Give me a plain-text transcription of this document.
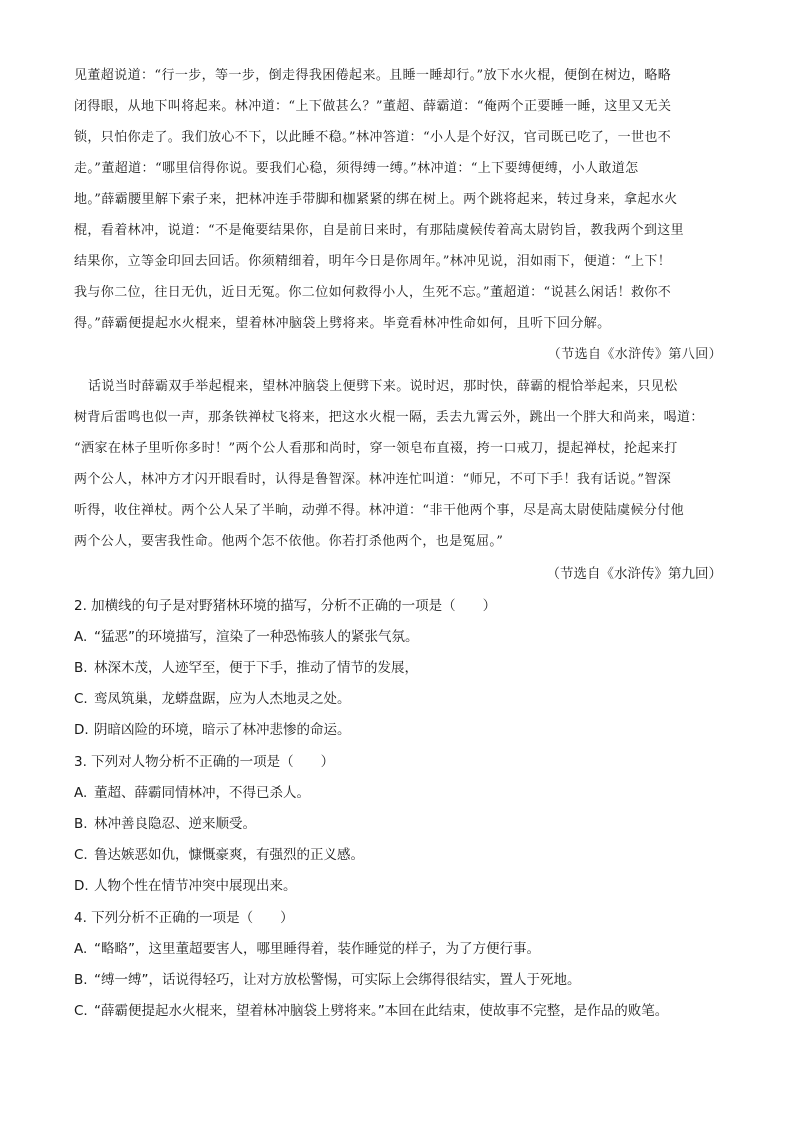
见董超说道：“行一步，等一步，倒走得我困倦起来。且睡一睡却行。”放下水火棍，便倒在树边，略略
闭得眼，从地下叫将起来。林冲道：“上下做甚么？”董超、薛霸道：“俺两个正要睡一睡，这里又无关
锁，只怕你走了。我们放心不下，以此睡不稳。”林冲答道：“小人是个好汉，官司既已吃了，一世也不
走。”董超道：“哪里信得你说。要我们心稳，须得缚一缚。”林冲道：“上下要缚便缚，小人敢道怎
地。”薛霸腰里解下索子来，把林冲连手带脚和枷紧紧的绑在树上。两个跳将起来，转过身来，拿起水火
棍，看着林冲，说道：“不是俺要结果你，自是前日来时，有那陆虞候传着高太尉钧旨，教我两个到这里
结果你，立等金印回去回话。你须精细着，明年今日是你周年。”林冲见说，泪如雨下，便道：“上下！
我与你二位，往日无仇，近日无冤。你二位如何救得小人，生死不忘。”董超道：“说甚么闲话！救你不
得。”薛霸便提起水火棍来，望着林冲脑袋上劈将来。毕竟看林冲性命如何，且听下回分解。
（节选自《水浒传》第八回）
话说当时薛霸双手举起棍来，望林冲脑袋上便劈下来。说时迟，那时快，薛霸的棍恰举起来，只见松
树背后雷鸣也似一声，那条铁禅杖飞将来，把这水火棍一隔，丢去九霄云外，跳出一个胖大和尚来，喝道：
“洒家在林子里听你多时！”两个公人看那和尚时，穿一领皂布直裰，挎一口戒刀，提起禅杖，抡起来打
两个公人，林冲方才闪开眼看时，认得是鲁智深。林冲连忙叫道：“师兄，不可下手！我有话说。”智深
听得，收住禅杖。两个公人呆了半晌，动弹不得。林冲道：“非干他两个事，尽是高太尉使陆虞候分付他
两个公人，要害我性命。他两个怎不依他。你若打杀他两个，也是冤屈。”
（节选自《水浒传》第九回）
2. 加横线的句子是对野猪林环境的描写，分析不正确的一项是（　　）
A. “猛恶”的环境描写，渲染了一种恐怖骇人的紧张气氛。
B. 林深木茂，人迹罕至，便于下手，推动了情节的发展，
C. 鸾凤筑巢，龙蟒盘踞，应为人杰地灵之处。
D. 阴暗凶险的环境，暗示了林冲悲惨的命运。
3. 下列对人物分析不正确的一项是（　　）
A. 董超、薛霸同情林冲，不得已杀人。
B. 林冲善良隐忍、逆来顺受。
C. 鲁达嫉恶如仇，慷慨豪爽，有强烈的正义感。
D. 人物个性在情节冲突中展现出来。
4. 下列分析不正确的一项是（　　）
A. “略略”，这里董超要害人，哪里睡得着，装作睡觉的样子，为了方便行事。
B. “缚一缚”，话说得轻巧，让对方放松警惕，可实际上会绑得很结实，置人于死地。
C. “薛霸便提起水火棍来，望着林冲脑袋上劈将来。”本回在此结束，使故事不完整，是作品的败笔。
